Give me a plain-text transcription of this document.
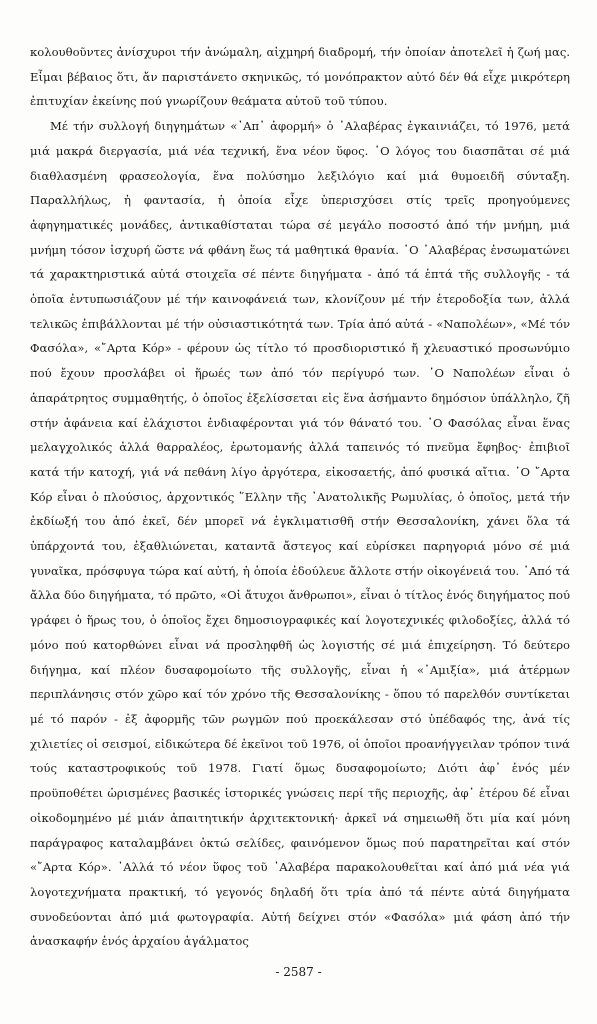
κολουθοῦντες ἀνίσχυροι τήν ἀνώμαλη, αἰχμηρή διαδρομή, τήν ὁποίαν ἀποτελεῖ ἡ ζωή μας. Εἶμαι βέβαιος ὅτι, ἄν παριστάνετο σκηνικῶς, τό μονόπρακτον αὐτό δέν θά εἶχε μικρότερη ἐπιτυχίαν ἐκείνης πού γνωρίζουν θεάματα αὐτοῦ τοῦ τύπου.

Μέ τήν συλλογή διηγημάτων «᾽Απ᾽ ἀφορμή» ὁ ᾽Αλαβέρας ἐγκαινιάζει, τό 1976, μετά μιά μακρά διεργασία, μιά νέα τεχνική, ἕνα νέον ὕφος. ῾Ο λόγος του διασπᾶται σέ μιά διαθλασμένη φρασεολογία, ἕνα πολύσημο λεξιλόγιο καί μιά θυμοειδῆ σύνταξη. Παραλλήλως, ἡ φαντασία, ἡ ὁποία εἶχε ὑπερισχύσει στίς τρεῖς προηγούμενες ἀφηγηματικές μονάδες, ἀντικαθίσταται τώρα σέ μεγάλο ποσοστό ἀπό τήν μνήμη, μιά μνήμη τόσον ἰσχυρή ὥστε νά φθάνη ἕως τά μαθητικά θρανία. ῾Ο ᾽Αλαβέρας ἐνσωματώνει τά χαρακτηριστικά αὐτά στοιχεῖα σέ πέντε διηγήματα - ἀπό τά ἑπτά τῆς συλλογῆς - τά ὁποῖα ἐντυπωσιάζουν μέ τήν καινοφάνειά των, κλονίζουν μέ τήν ἑτεροδοξία των, ἀλλά τελικῶς ἐπιβάλλονται μέ τήν οὐσιαστικότητά των. Τρία ἀπό αὐτά - «Ναπολέων», «Μέ τόν Φασόλα», «῎Αρτα Κόρ» - φέρουν ὡς τίτλο τό προσδιοριστικό ἤ χλευαστικό προσωνύμιο πού ἔχουν προσλάβει οἱ ἥρωές των ἀπό τόν περίγυρό των. ῾Ο Ναπολέων εἶναι ὁ ἀπαράτρητος συμμαθητής, ὁ ὁποῖος ἐξελίσσεται εἰς ἕνα ἀσήμαντο δημόσιον ὑπάλληλο, ζῆ στήν ἀφάνεια καί ἐλάχιστοι ἐνδιαφέρονται γιά τόν θάνατό του. ῾Ο Φασόλας εἶναι ἕνας μελαγχολικός ἀλλά θαρραλέος, ἐρωτομανής ἀλλά ταπεινός τό πνεῦμα ἔφηβος· ἐπιβιοῖ κατά τήν κατοχή, γιά νά πεθάνη λίγο ἀργότερα, εἰκοσαετής, ἀπό φυσικά αἴτια. ῾Ο ῎Αρτα Κόρ εἶναι ὁ πλούσιος, ἀρχοντικός ῞Ελλην τῆς ᾽Ανατολικῆς Ρωμυλίας, ὁ ὁποῖος, μετά τήν ἐκδίωξή του ἀπό ἐκεῖ, δέν μπορεῖ νά ἐγκλιματισθῆ στήν Θεσσαλονίκη, χάνει ὅλα τά ὑπάρχοντά του, ἐξαθλιώνεται, καταντᾶ ἄστεγος καί εὑρίσκει παρηγοριά μόνο σέ μιά γυναῖκα, πρόσφυγα τώρα καί αὐτή, ἡ ὁποία ἐδούλευε ἄλλοτε στήν οἰκογένειά του. ᾽Από τά ἄλλα δύο διηγήματα, τό πρῶτο, «Οἱ ἄτυχοι ἄνθρωποι», εἶναι ὁ τίτλος ἑνός διηγήματος πού γράφει ὁ ἥρως του, ὁ ὁποῖος ἔχει δημοσιογραφικές καί λογοτεχνικές φιλοδοξίες, ἀλλά τό μόνο πού κατορθώνει εἶναι νά προσληφθῆ ὡς λογιστής σέ μιά ἐπιχείρηση. Τό δεύτερο διήγημα, καί πλέον δυσαφομοίωτο τῆς συλλογῆς, εἶναι ἡ «᾽Αμιξία», μιά ἀτέρμων περιπλάνησις στόν χῶρο καί τόν χρόνο τῆς Θεσσαλονίκης - ὅπου τό παρελθόν συντίκεται μέ τό παρόν - ἐξ ἀφορμῆς τῶν ρωγμῶν πού προεκάλεσαν στό ὑπέδαφός της, ἀνά τίς χιλιετίες οἱ σεισμοί, εἰδικώτερα δέ ἐκεῖνοι τοῦ 1976, οἱ ὁποῖοι προανήγγειλαν τρόπον τινά τούς καταστροφικούς τοῦ 1978. Γιατί ὅμως δυσαφομοίωτο; Διότι ἀφ᾽ ἑνός μέν προϋποθέτει ὡρισμένες βασικές ἱστορικές γνώσεις περί τῆς περιοχῆς, ἀφ᾽ ἑτέρου δέ εἶναι οἰκοδομημένο μέ μιάν ἀπαιτητικήν ἀρχιτεκτονική· ἀρκεῖ νά σημειωθῆ ὅτι μία καί μόνη παράγραφος καταλαμβάνει ὀκτώ σελίδες, φαινόμενον ὅμως πού παρατηρεῖται καί στόν «῎Αρτα Κόρ». ᾽Αλλά τό νέον ὕφος τοῦ ᾽Αλαβέρα παρακολουθεῖται καί ἀπό μιά νέα γιά λογοτεχνήματα πρακτική, τό γεγονός δηλαδή ὅτι τρία ἀπό τά πέντε αὐτά διηγήματα συνοδεύονται ἀπό μιά φωτογραφία. Αὐτή δείχνει στόν «Φασόλα» μιά φάση ἀπό τήν ἀνασκαφήν ἑνός ἀρχαίου ἀγάλματος

- 2587 -
